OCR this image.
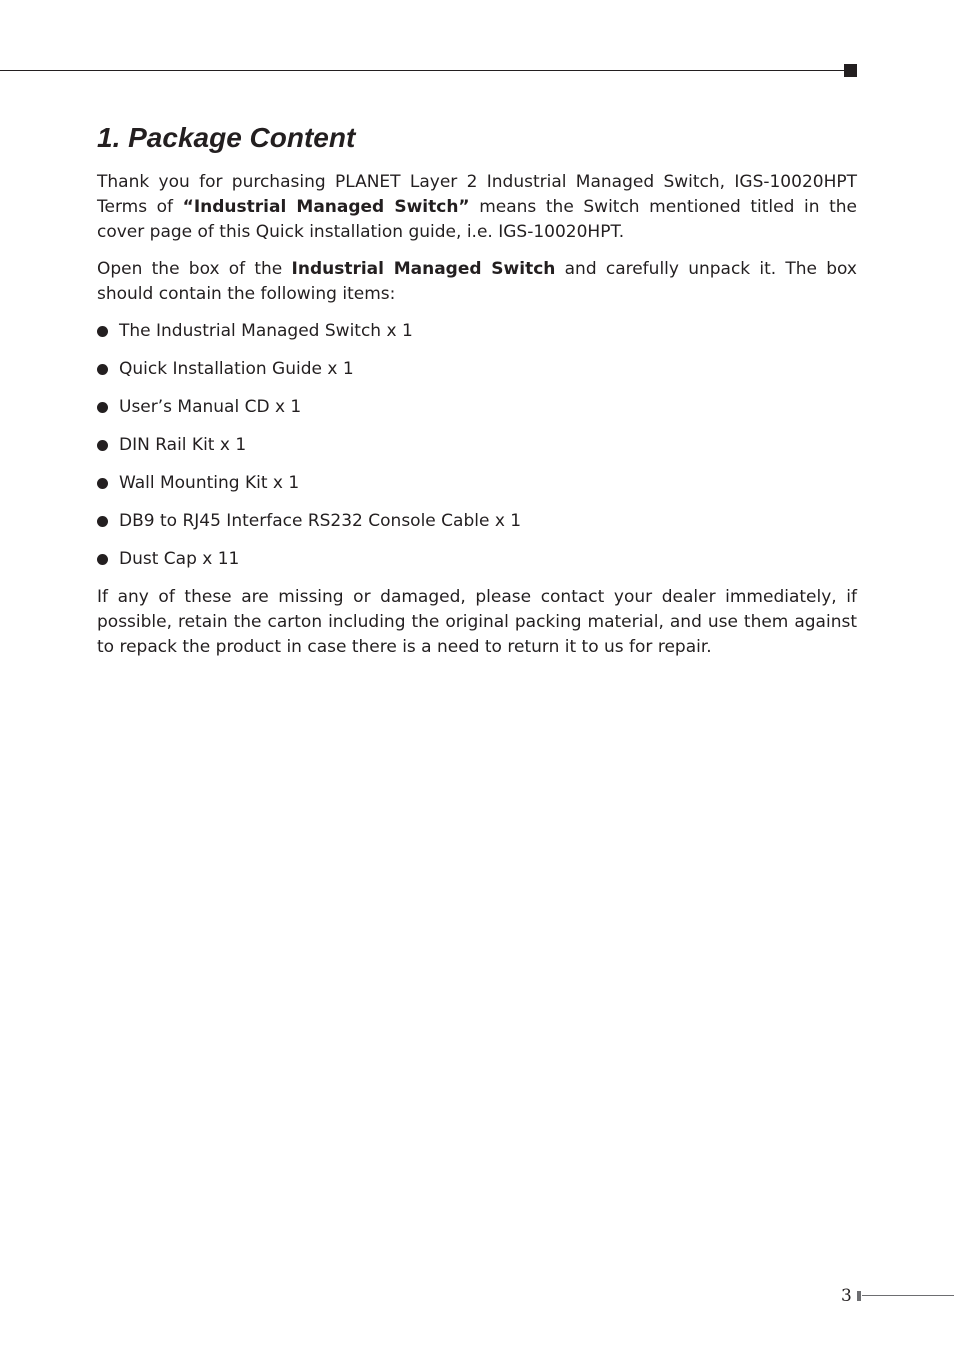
1. Package Content

Thank you for purchasing PLANET Layer 2 Industrial Managed Switch, IGS-10020HPT Terms of “Industrial Managed Switch” means the Switch mentioned titled in the cover page of this Quick installation guide, i.e. IGS-10020HPT.

Open the box of the Industrial Managed Switch and carefully unpack it. The box should contain the following items:

The Industrial Managed Switch x 1
Quick Installation Guide x 1
User’s Manual CD x 1
DIN Rail Kit x 1
Wall Mounting Kit x 1
DB9 to RJ45 Interface RS232 Console Cable x 1
Dust Cap x 11

If any of these are missing or damaged, please contact your dealer immediately, if possible, retain the carton including the original packing material, and use them against to repack the product in case there is a need to return it to us for repair.

3
